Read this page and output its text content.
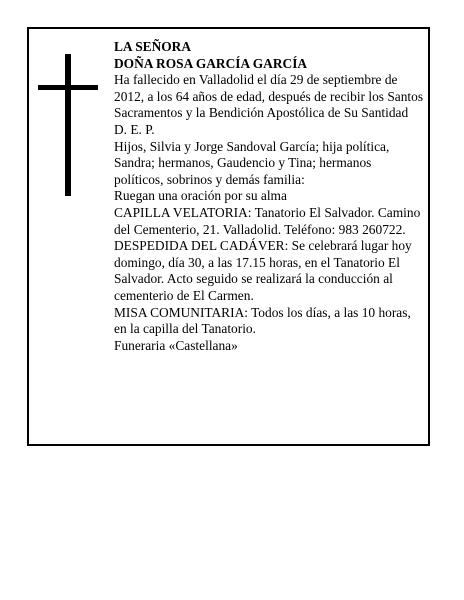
LA SEÑORA

DOÑA ROSA GARCÍA GARCÍA

Ha fallecido en Valladolid el día 29 de septiembre de 2012, a los 64 años de edad, después de recibir los Santos Sacramentos y la Bendición Apostólica de Su Santidad

D. E. P.

Hijos, Silvia y Jorge Sandoval García; hija política, Sandra; hermanos, Gaudencio y Tina; hermanos políticos, sobrinos y demás familia:

Ruegan una oración por su alma

CAPILLA VELATORIA: Tanatorio El Salvador. Camino del Cementerio, 21. Valladolid. Teléfono: 983 260722.

DESPEDIDA DEL CADÁVER: Se celebrará lugar hoy domingo, día 30, a las 17.15 horas, en el Tanatorio El Salvador. Acto seguido se realizará la conducción al cementerio de El Carmen.

MISA COMUNITARIA: Todos los días, a las 10 horas, en la capilla del Tanatorio.

Funeraria «Castellana»
